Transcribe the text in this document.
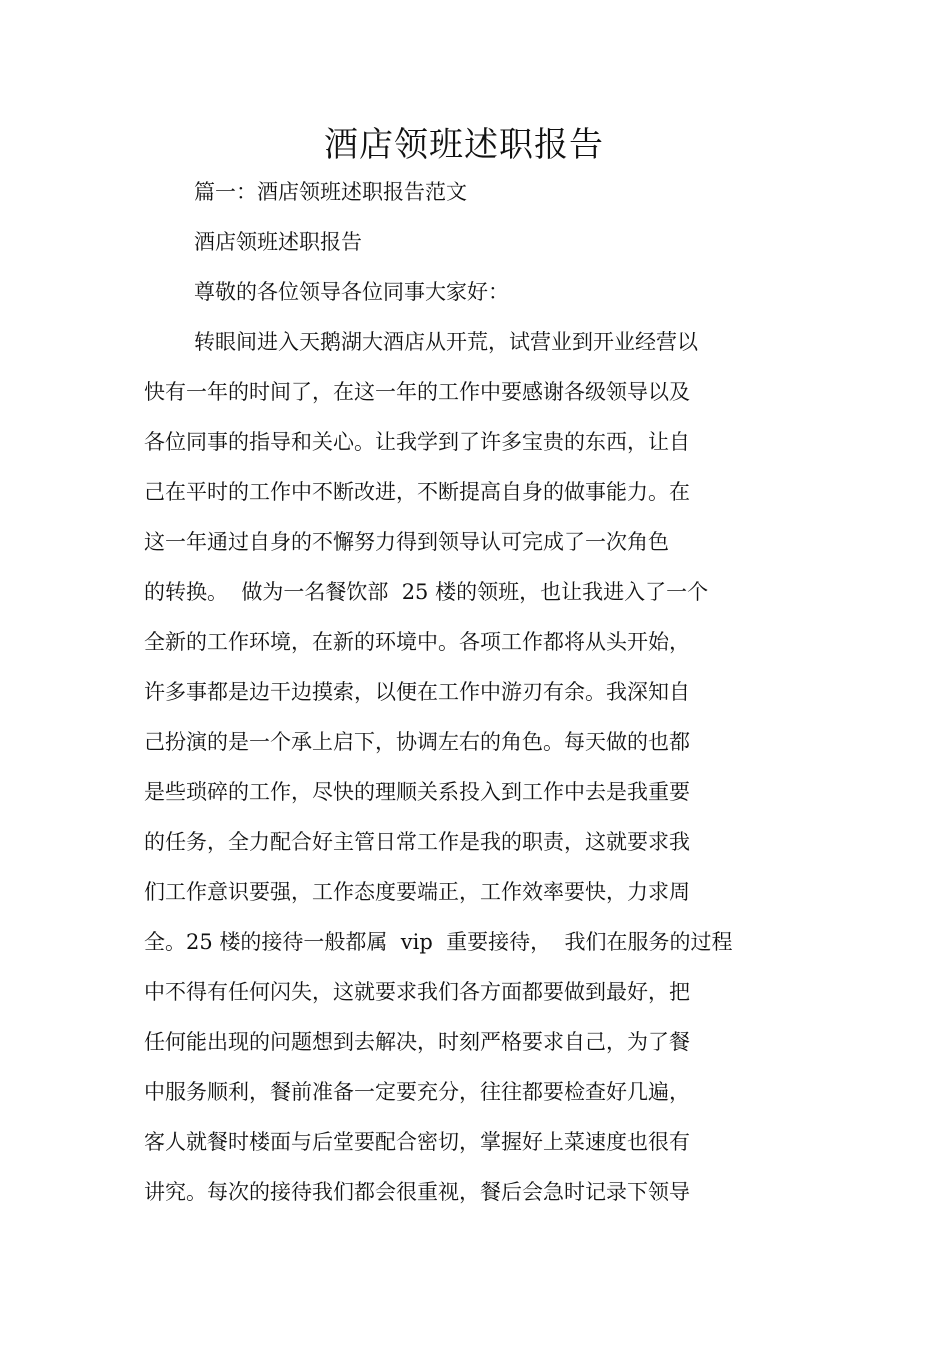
酒店领班述职报告

篇一：酒店领班述职报告范文

酒店领班述职报告

尊敬的各位领导各位同事大家好：

转眼间进入天鹅湖大酒店从开荒，试营业到开业经营以

快有一年的时间了，在这一年的工作中要感谢各级领导以及

各位同事的指导和关心。让我学到了许多宝贵的东西，让自

己在平时的工作中不断改进，不断提高自身的做事能力。在

这一年通过自身的不懈努力得到领导认可完成了一次角色

的转换。  做为一名餐饮部  25 楼的领班，也让我进入了一个

全新的工作环境，在新的环境中。各项工作都将从头开始，

许多事都是边干边摸索，以便在工作中游刃有余。我深知自

己扮演的是一个承上启下，协调左右的角色。每天做的也都

是些琐碎的工作，尽快的理顺关系投入到工作中去是我重要

的任务，全力配合好主管日常工作是我的职责，这就要求我

们工作意识要强，工作态度要端正，工作效率要快，力求周

全。25 楼的接待一般都属  vip  重要接待，  我们在服务的过程

中不得有任何闪失，这就要求我们各方面都要做到最好，把

任何能出现的问题想到去解决，时刻严格要求自己，为了餐

中服务顺利，餐前准备一定要充分，往往都要检查好几遍，

客人就餐时楼面与后堂要配合密切，掌握好上菜速度也很有

讲究。每次的接待我们都会很重视，餐后会急时记录下领导
